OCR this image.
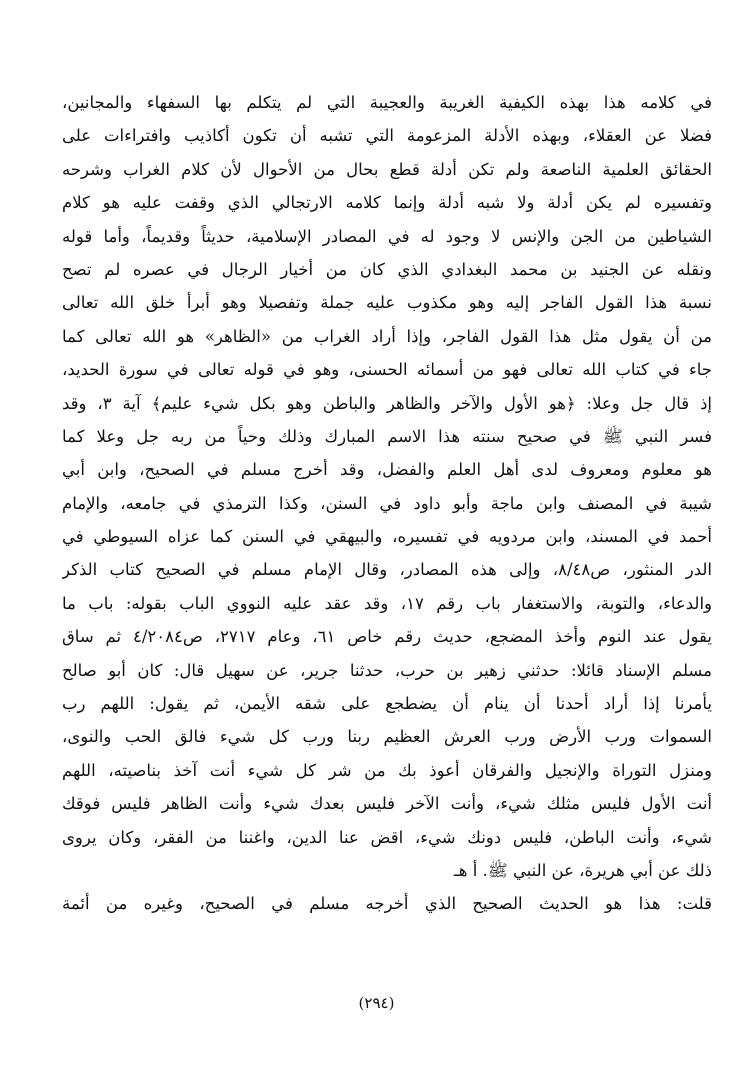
في كلامه هذا بهذه الكيفية الغريبة والعجيبة التي لم يتكلم بها السفهاء والمجانين،
فضلا عن العقلاء، وبهذه الأدلة المزعومة التي تشبه أن تكون أكاذيب وافتراءات على
الحقائق العلمية الناصعة ولم تكن أدلة قطع بحال من الأحوال لأن كلام الغراب وشرحه
وتفسيره لم يكن أدلة ولا شبه أدلة وإنما كلامه الارتجالي الذي وقفت عليه هو كلام
الشياطين من الجن والإنس لا وجود له في المصادر الإسلامية، حديثاً وقديماً، وأما قوله
ونقله عن الجنيد بن محمد البغدادي الذي كان من أخيار الرجال في عصره لم تصح
نسبة هذا القول الفاجر إليه وهو مكذوب عليه جملة وتفصيلا وهو أبرأ خلق الله تعالى
من أن يقول مثل هذا القول الفاجر، وإذا أراد الغراب من «الظاهر» هو الله تعالى كما
جاء في كتاب الله تعالى فهو من أسمائه الحسنى، وهو في قوله تعالى في سورة الحديد،
إذ قال جل وعلا: ﴿هو الأول والآخر والظاهر والباطن وهو بكل شيء عليم﴾ آية ٣، وقد
فسر النبي ﷺ في صحيح سنته هذا الاسم المبارك وذلك وحياً من ربه جل وعلا كما
هو معلوم ومعروف لدى أهل العلم والفضل، وقد أخرج مسلم في الصحيح، وابن أبي
شيبة في المصنف وابن ماجة وأبو داود في السنن، وكذا الترمذي في جامعه، والإمام
أحمد في المسند، وابن مردويه في تفسيره، والبيهقي في السنن كما عزاه السيوطي في
الدر المنثور، ص٨/٤٨، وإلى هذه المصادر، وقال الإمام مسلم في الصحيح كتاب الذكر
والدعاء، والتوبة، والاستغفار باب رقم ١٧، وقد عقد عليه النووي الباب بقوله: باب ما
يقول عند النوم وأخذ المضجع، حديث رقم خاص ٦١، وعام ٢٧١٧، ص٤/٢٠٨٤ ثم ساق
مسلم الإسناد قائلا: حدثني زهير بن حرب، حدثنا جرير، عن سهيل قال: كان أبو صالح
يأمرنا إذا أراد أحدنا أن ينام أن يضطجع على شقه الأيمن، ثم يقول: اللهم رب
السموات ورب الأرض ورب العرش العظيم ربنا ورب كل شيء فالق الحب والنوى،
ومنزل التوراة والإنجيل والفرقان أعوذ بك من شر كل شيء أنت آخذ بناصيته، اللهم
أنت الأول فليس مثلك شيء، وأنت الآخر فليس بعدك شيء وأنت الظاهر فليس فوقك
شيء، وأنت الباطن، فليس دونك شيء، اقض عنا الدين، واغننا من الفقر، وكان يروى
ذلك عن أبي هريرة، عن النبي ﷺ. أ هـ
قلت: هذا هو الحديث الصحيح الذي أخرجه مسلم في الصحيح، وغيره من أئمة
(٢٩٤)
